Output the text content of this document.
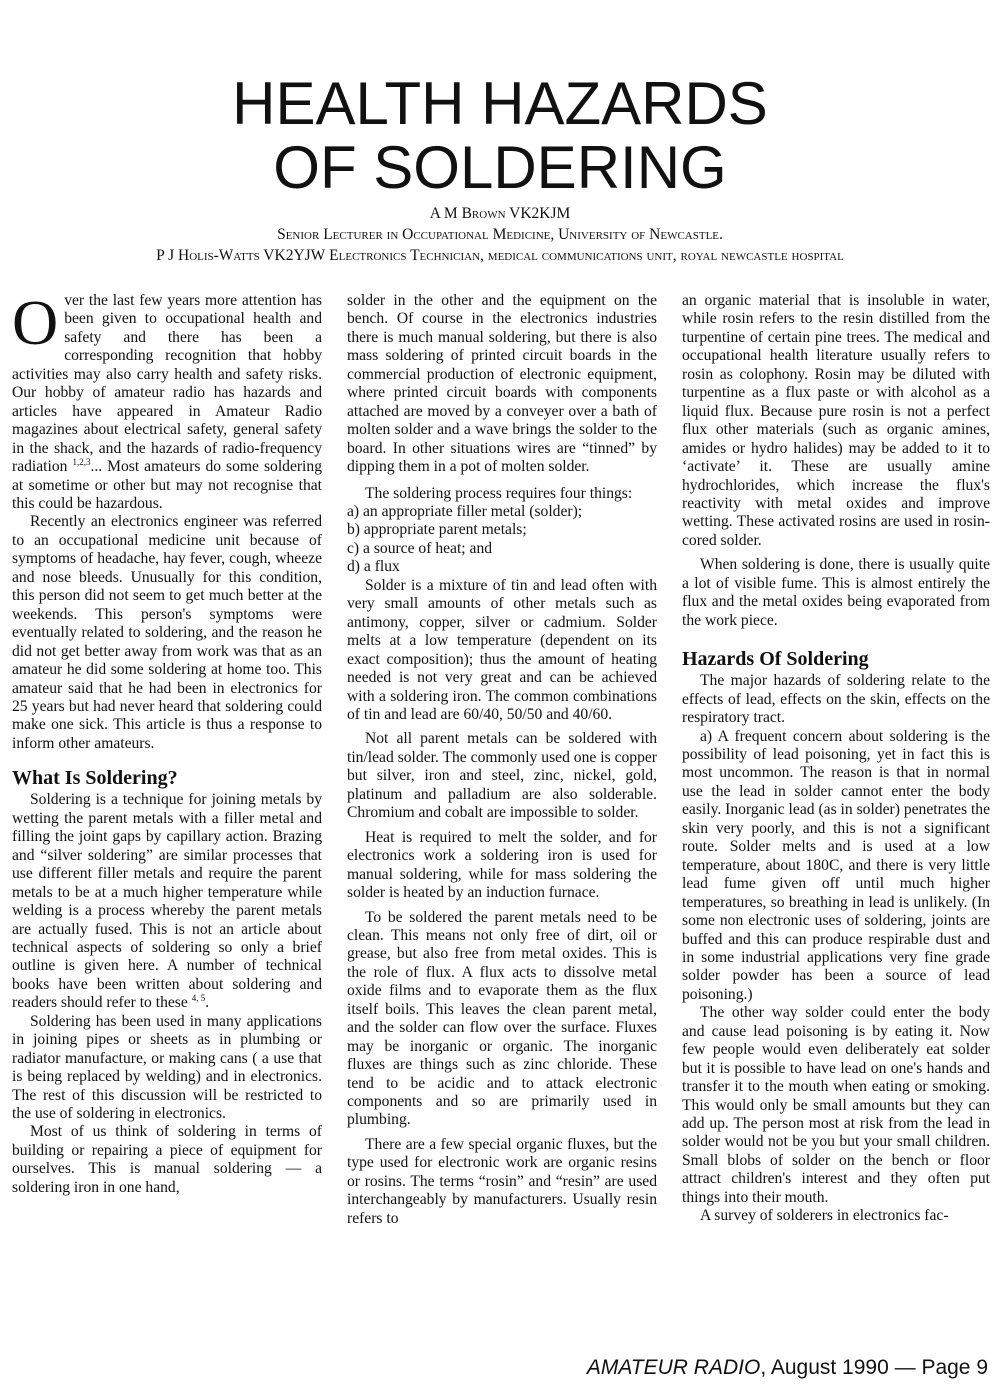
HEALTH HAZARDS
OF SOLDERING
A M Brown VK2KJM
Senior Lecturer in Occupational Medicine, University of Newcastle.
P J Holis-Watts VK2YJW Electronics Technician, medical communications unit, royal newcastle hospital

Over the last few years more attention has been given to occupational health and safety and there has been a corresponding recognition that hobby activities may also carry health and safety risks. Our hobby of amateur radio has hazards and articles have appeared in Amateur Radio magazines about electrical safety, general safety in the shack, and the hazards of radio-frequency radiation $^{1,2,3}$... Most amateurs do some soldering at sometime or other but may not recognise that this could be hazardous.

Recently an electronics engineer was referred to an occupational medicine unit because of symptoms of headache, hay fever, cough, wheeze and nose bleeds. Unusually for this condition, this person did not seem to get much better at the weekends. This person's symptoms were eventually related to soldering, and the reason he did not get better away from work was that as an amateur he did some soldering at home too. This amateur said that he had been in electronics for 25 years but had never heard that soldering could make one sick. This article is thus a response to inform other amateurs.

What Is Soldering?

Soldering is a technique for joining metals by wetting the parent metals with a filler metal and filling the joint gaps by capillary action. Brazing and “silver soldering” are similar processes that use different filler metals and require the parent metals to be at a much higher temperature while welding is a process whereby the parent metals are actually fused. This is not an article about technical aspects of soldering so only a brief outline is given here. A number of technical books have been written about soldering and readers should refer to these $^{4, 5}$.

Soldering has been used in many applications in joining pipes or sheets as in plumbing or radiator manufacture, or making cans ( a use that is being replaced by welding) and in electronics. The rest of this discussion will be restricted to the use of soldering in electronics.

Most of us think of soldering in terms of building or repairing a piece of equipment for ourselves. This is manual soldering — a soldering iron in one hand,

solder in the other and the equipment on the bench. Of course in the electronics industries there is much manual soldering, but there is also mass soldering of printed circuit boards in the commercial production of electronic equipment, where printed circuit boards with components attached are moved by a conveyer over a bath of molten solder and a wave brings the solder to the board. In other situations wires are “tinned” by dipping them in a pot of molten solder.

The soldering process requires four things:

a) an appropriate filler metal (solder);

b) appropriate parent metals;

c) a source of heat; and

d) a flux

Solder is a mixture of tin and lead often with very small amounts of other metals such as antimony, copper, silver or cadmium. Solder melts at a low temperature (dependent on its exact composition); thus the amount of heating needed is not very great and can be achieved with a soldering iron. The common combinations of tin and lead are 60/40, 50/50 and 40/60.

Not all parent metals can be soldered with tin/lead solder. The commonly used one is copper but silver, iron and steel, zinc, nickel, gold, platinum and palladium are also solderable. Chromium and cobalt are impossible to solder.

Heat is required to melt the solder, and for electronics work a soldering iron is used for manual soldering, while for mass soldering the solder is heated by an induction furnace.

To be soldered the parent metals need to be clean. This means not only free of dirt, oil or grease, but also free from metal oxides. This is the role of flux. A flux acts to dissolve metal oxide films and to evaporate them as the flux itself boils. This leaves the clean parent metal, and the solder can flow over the surface. Fluxes may be inorganic or organic. The inorganic fluxes are things such as zinc chloride. These tend to be acidic and to attack electronic components and so are primarily used in plumbing.

There are a few special organic fluxes, but the type used for electronic work are organic resins or rosins. The terms “rosin” and “resin” are used interchangeably by manufacturers. Usually resin refers to

an organic material that is insoluble in water, while rosin refers to the resin distilled from the turpentine of certain pine trees. The medical and occupational health literature usually refers to rosin as colophony. Rosin may be diluted with turpentine as a flux paste or with alcohol as a liquid flux. Because pure rosin is not a perfect flux other materials (such as organic amines, amides or hydro halides) may be added to it to ‘activate’ it. These are usually amine hydrochlorides, which increase the flux's reactivity with metal oxides and improve wetting. These activated rosins are used in rosin-cored solder.

When soldering is done, there is usually quite a lot of visible fume. This is almost entirely the flux and the metal oxides being evaporated from the work piece.

Hazards Of Soldering

The major hazards of soldering relate to the effects of lead, effects on the skin, effects on the respiratory tract.

a) A frequent concern about soldering is the possibility of lead poisoning, yet in fact this is most uncommon. The reason is that in normal use the lead in solder cannot enter the body easily. Inorganic lead (as in solder) penetrates the skin very poorly, and this is not a significant route. Solder melts and is used at a low temperature, about 180C, and there is very little lead fume given off until much higher temperatures, so breathing in lead is unlikely. (In some non electronic uses of soldering, joints are buffed and this can produce respirable dust and in some industrial applications very fine grade solder powder has been a source of lead poisoning.)

The other way solder could enter the body and cause lead poisoning is by eating it. Now few people would even deliberately eat solder but it is possible to have lead on one's hands and transfer it to the mouth when eating or smoking. This would only be small amounts but they can add up. The person most at risk from the lead in solder would not be you but your small children. Small blobs of solder on the bench or floor attract children's interest and they often put things into their mouth.

A survey of solderers in electronics fac-

AMATEUR RADIO, August 1990 — Page 9
